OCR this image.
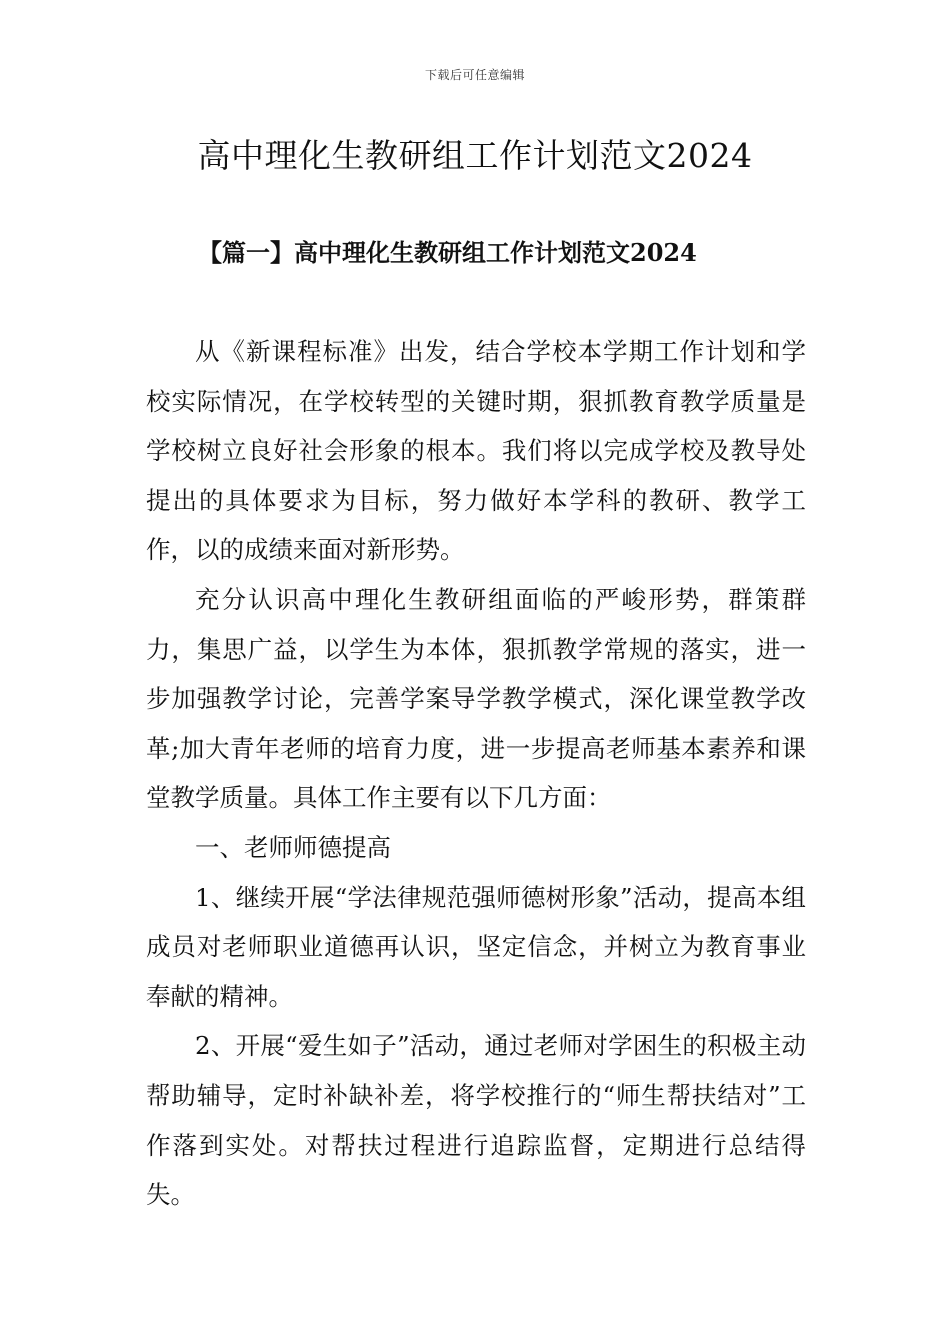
下载后可任意编辑
高中理化生教研组工作计划范文2024
【篇一】高中理化生教研组工作计划范文2024

从《新课程标准》出发，结合学校本学期工作计划和学校实际情况，在学校转型的关键时期，狠抓教育教学质量是学校树立良好社会形象的根本。我们将以完成学校及教导处提出的具体要求为目标，努力做好本学科的教研、教学工作，以的成绩来面对新形势。

充分认识高中理化生教研组面临的严峻形势，群策群力，集思广益，以学生为本体，狠抓教学常规的落实，进一步加强教学讨论，完善学案导学教学模式，深化课堂教学改革;加大青年老师的培育力度，进一步提高老师基本素养和课堂教学质量。具体工作主要有以下几方面：

一、老师师德提高

1、继续开展“学法律规范强师德树形象”活动，提高本组成员对老师职业道德再认识，坚定信念，并树立为教育事业奉献的精神。

2、开展“爱生如子”活动，通过老师对学困生的积极主动帮助辅导，定时补缺补差，将学校推行的“师生帮扶结对”工作落到实处。对帮扶过程进行追踪监督，定期进行总结得失。
